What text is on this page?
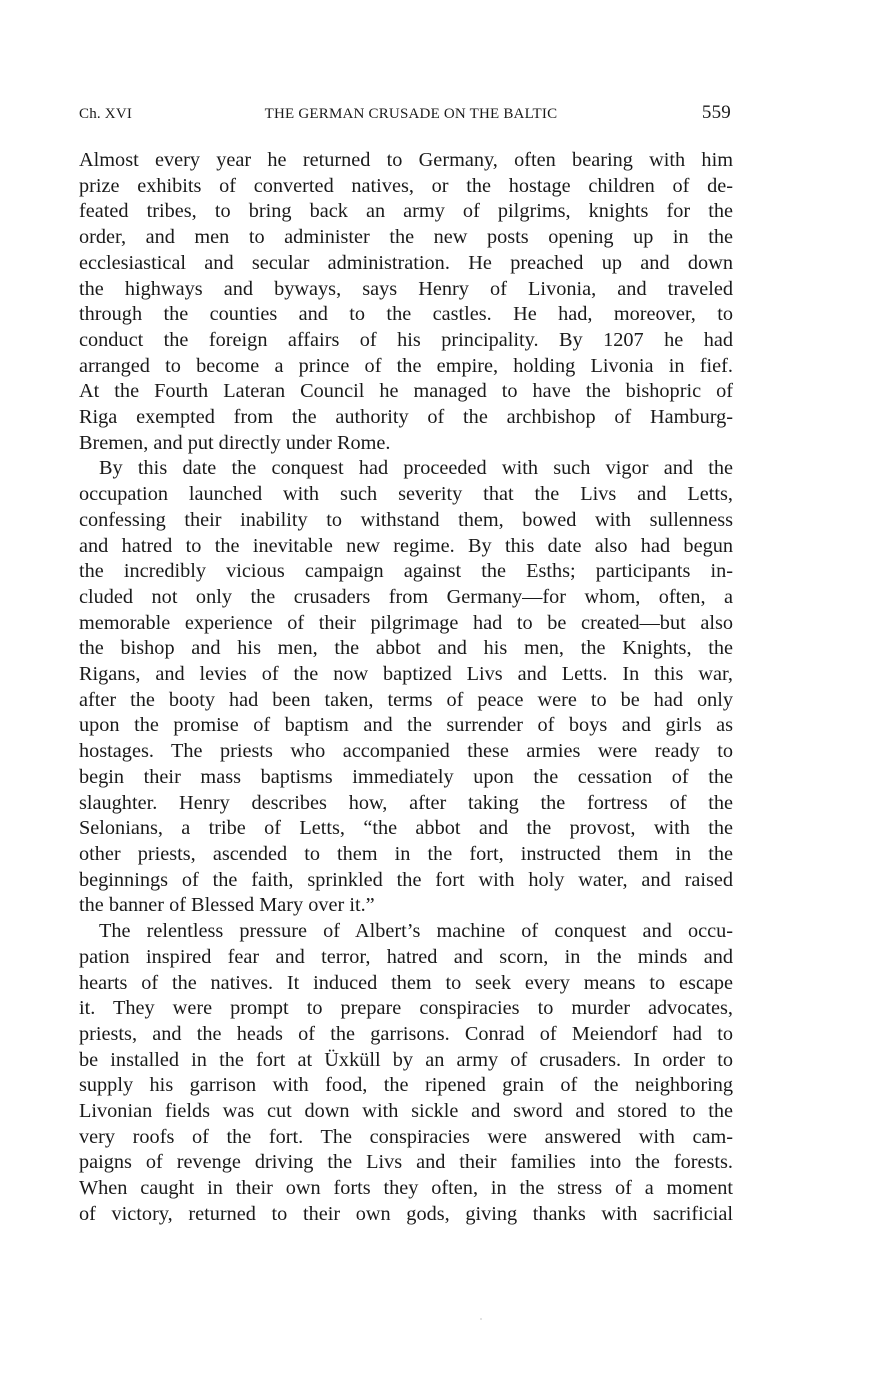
Ch. XVI	THE GERMAN CRUSADE ON THE BALTIC	559

Almost every year he returned to Germany, often bearing with him
prize exhibits of converted natives, or the hostage children of de-
feated tribes, to bring back an army of pilgrims, knights for the
order, and men to administer the new posts opening up in the
ecclesiastical and secular administration. He preached up and down
the highways and byways, says Henry of Livonia, and traveled
through the counties and to the castles. He had, moreover, to
conduct the foreign affairs of his principality. By 1207 he had
arranged to become a prince of the empire, holding Livonia in fief.
At the Fourth Lateran Council he managed to have the bishopric of
Riga exempted from the authority of the archbishop of Hamburg-
Bremen, and put directly under Rome.

By this date the conquest had proceeded with such vigor and the
occupation launched with such severity that the Livs and Letts,
confessing their inability to withstand them, bowed with sullenness
and hatred to the inevitable new regime. By this date also had begun
the incredibly vicious campaign against the Esths; participants in-
cluded not only the crusaders from Germany—for whom, often, a
memorable experience of their pilgrimage had to be created—but also
the bishop and his men, the abbot and his men, the Knights, the
Rigans, and levies of the now baptized Livs and Letts. In this war,
after the booty had been taken, terms of peace were to be had only
upon the promise of baptism and the surrender of boys and girls as
hostages. The priests who accompanied these armies were ready to
begin their mass baptisms immediately upon the cessation of the
slaughter. Henry describes how, after taking the fortress of the
Selonians, a tribe of Letts, “the abbot and the provost, with the
other priests, ascended to them in the fort, instructed them in the
beginnings of the faith, sprinkled the fort with holy water, and raised
the banner of Blessed Mary over it.”

The relentless pressure of Albert’s machine of conquest and occu-
pation inspired fear and terror, hatred and scorn, in the minds and
hearts of the natives. It induced them to seek every means to escape
it. They were prompt to prepare conspiracies to murder advocates,
priests, and the heads of the garrisons. Conrad of Meiendorf had to
be installed in the fort at Üxküll by an army of crusaders. In order to
supply his garrison with food, the ripened grain of the neighboring
Livonian fields was cut down with sickle and sword and stored to the
very roofs of the fort. The conspiracies were answered with cam-
paigns of revenge driving the Livs and their families into the forests.
When caught in their own forts they often, in the stress of a moment
of victory, returned to their own gods, giving thanks with sacrificial
